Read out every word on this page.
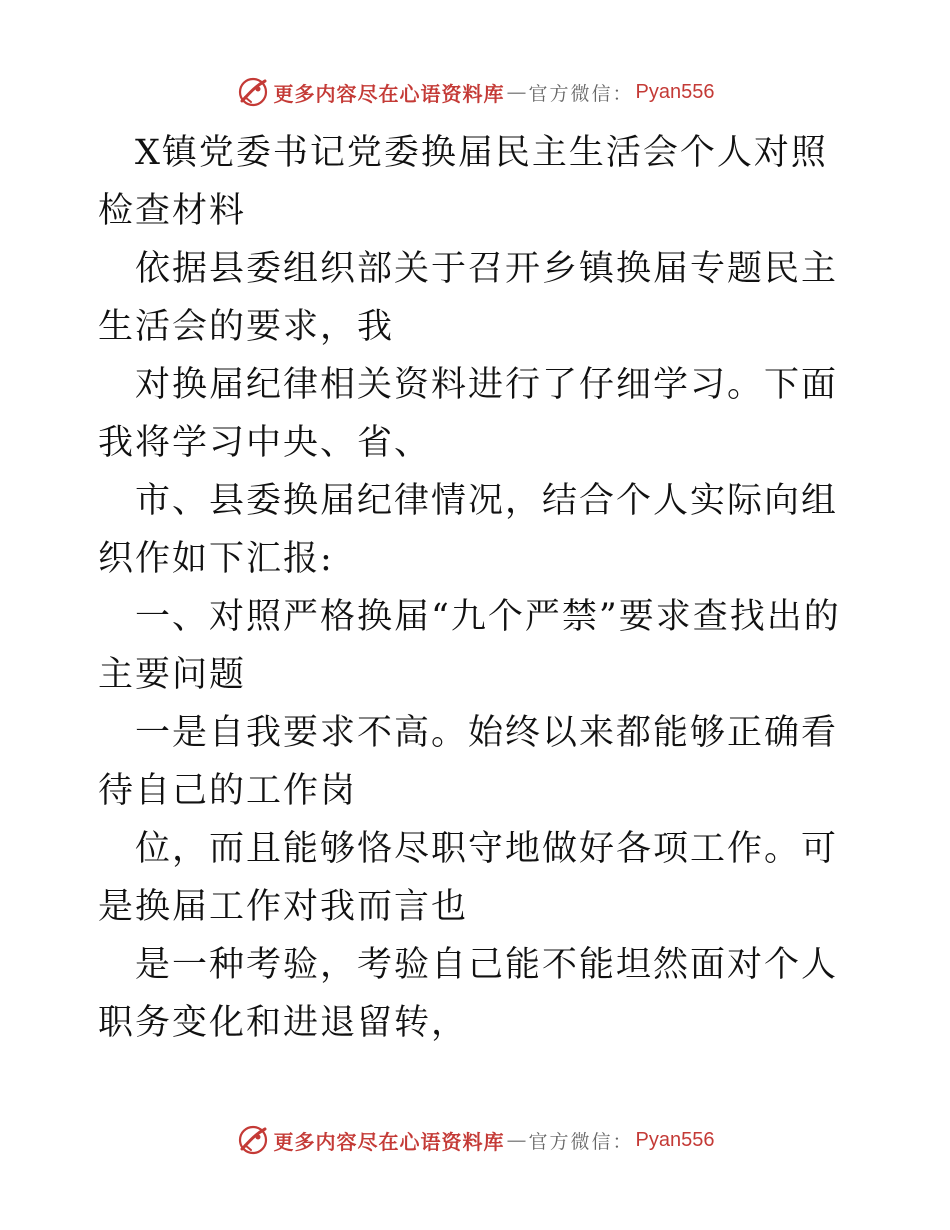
更多内容尽在心语资料库 — 官方微信： Pyan556

X镇党委书记党委换届民主生活会个人对照检查材料

依据县委组织部关于召开乡镇换届专题民主生活会的要求，我

对换届纪律相关资料进行了仔细学习。下面我将学习中央、省、

市、县委换届纪律情况，结合个人实际向组织作如下汇报:

一、对照严格换届“九个严禁”要求查找出的主要问题

一是自我要求不高。始终以来都能够正确看待自己的工作岗

位，而且能够恪尽职守地做好各项工作。可是换届工作对我而言也

是一种考验，考验自己能不能坦然面对个人职务变化和进退留转，

更多内容尽在心语资料库 — 官方微信： Pyan556
